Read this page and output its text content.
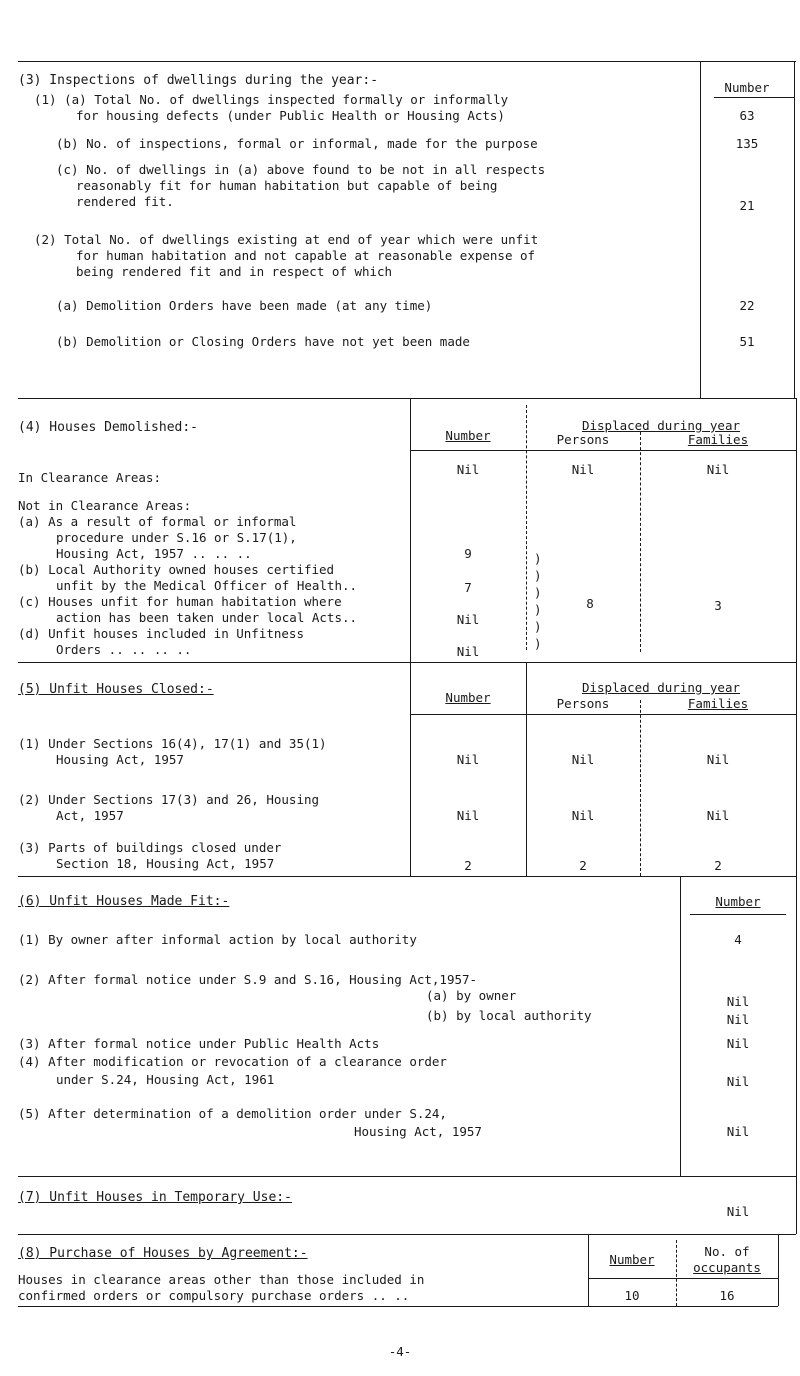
(3) Inspections of dwellings during the year:-	Number
(1) (a) Total No. of dwellings inspected formally or informally
for housing defects (under Public Health or Housing Acts)	63
(b) No. of inspections, formal or informal, made for the purpose	135
(c) No. of dwellings in (a) above found to be not in all respects
reasonably fit for human habitation but capable of being
rendered fit.	21
(2) Total No. of dwellings existing at end of year which were unfit
for human habitation and not capable at reasonable expense of
being rendered fit and in respect of which
(a) Demolition Orders have been made (at any time)	22
(b) Demolition or Closing Orders have not yet been made	51
(4) Houses Demolished:-
Number
Displaced during year
Persons	Families
In Clearance Areas:
Nil	Nil	Nil
Not in Clearance Areas:
(a) As a result of formal or informal
procedure under S.16 or S.17(1),
Housing Act, 1957 .. .. ..	9
(b) Local Authority owned houses certified
unfit by the Medical Officer of Health..	7
(c) Houses unfit for human habitation where
action has been taken under local Acts..	Nil
(d) Unfit houses included in Unfitness
Orders .. .. .. ..	Nil
)
)
)
)
)
)
8	3
(5) Unfit Houses Closed:-
Number
Displaced during year
Persons	Families
(1) Under Sections 16(4), 17(1) and 35(1)
Housing Act, 1957	Nil	Nil	Nil
(2) Under Sections 17(3) and 26, Housing
Act, 1957	Nil	Nil	Nil
(3) Parts of buildings closed under
Section 18, Housing Act, 1957	2	2	2
(6) Unfit Houses Made Fit:-	Number
(1) By owner after informal action by local authority	4
(2) After formal notice under S.9 and S.16, Housing Act,1957-
(a) by owner	Nil
(b) by local authority	Nil
(3) After formal notice under Public Health Acts	Nil
(4) After modification or revocation of a clearance order
under S.24, Housing Act, 1961	Nil
(5) After determination of a demolition order under S.24,
Housing Act, 1957	Nil
(7) Unfit Houses in Temporary Use:-
Nil
(8) Purchase of Houses by Agreement:-	Number
No. of
occupants
Houses in clearance areas other than those included in
confirmed orders or compulsory purchase orders .. ..	10	16
-4-
